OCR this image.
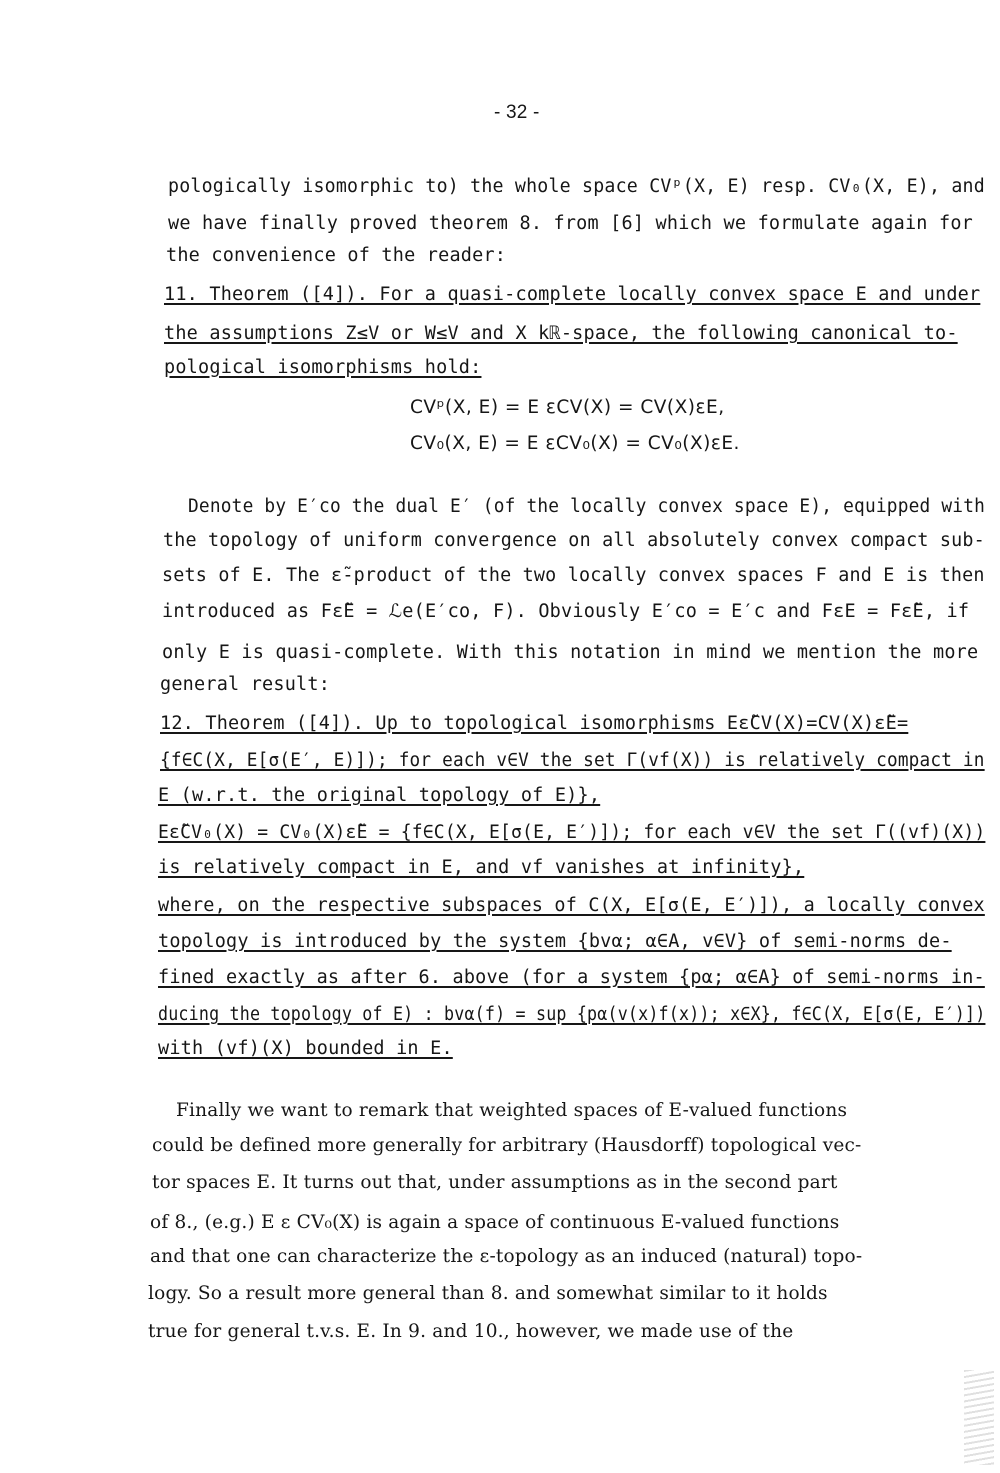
- 32 -
pologically isomorphic to) the whole space CVᵖ(X, E) resp. CV₀(X, E), and
we have finally proved theorem 8. from [6] which we formulate again for
the convenience of the reader:
11. Theorem ([4]). For a quasi-complete locally convex space E and under
the assumptions Z≤V or W≤V and X kℝ-space, the following canonical to-
pological isomorphisms hold:
CVᵖ(X, E) = E εCV(X) = CV(X)εE,
CV₀(X, E) = E εCV₀(X) = CV₀(X)εE.
Denote by E′co the dual E′ (of the locally convex space E), equipped with
the topology of uniform convergence on all absolutely convex compact sub-
sets of E. The ε̃-product of the two locally convex spaces F and E is then
introduced as Fε̃E = ℒe(E′co, F). Obviously E′co = E′c and FεE = Fε̃E, if
only E is quasi-complete. With this notation in mind we mention the more
general result:
12. Theorem ([4]). Up to topological isomorphisms Eε̃CV(X)=CV(X)ε̃E=
{f∈C(X, E[σ(E′, E)]); for each v∈V the set Γ(vf(X)) is relatively compact in
E (w.r.t. the original topology of E)},
Eε̃CV₀(X) = CV₀(X)ε̃E = {f∈C(X, E[σ(E, E′)]); for each v∈V the set Γ((vf)(X))
is relatively compact in E, and vf vanishes at infinity},
where, on the respective subspaces of C(X, E[σ(E, E′)]), a locally convex
topology is introduced by the system {bvα; α∈A, v∈V} of semi-norms de-
fined exactly as after 6. above (for a system {pα; α∈A} of semi-norms in-
ducing the topology of E) : bvα(f) = sup {pα(v(x)f(x)); x∈X}, f∈C(X, E[σ(E, E′)])
with (vf)(X) bounded in E.
Finally we want to remark that weighted spaces of E-valued functions
could be defined more generally for arbitrary (Hausdorff) topological vec-
tor spaces E. It turns out that, under assumptions as in the second part
of 8., (e.g.) E ε CV₀(X) is again a space of continuous E-valued functions
and that one can characterize the ε-topology as an induced (natural) topo-
logy. So a result more general than 8. and somewhat similar to it holds
true for general t.v.s. E. In 9. and 10., however, we made use of the
